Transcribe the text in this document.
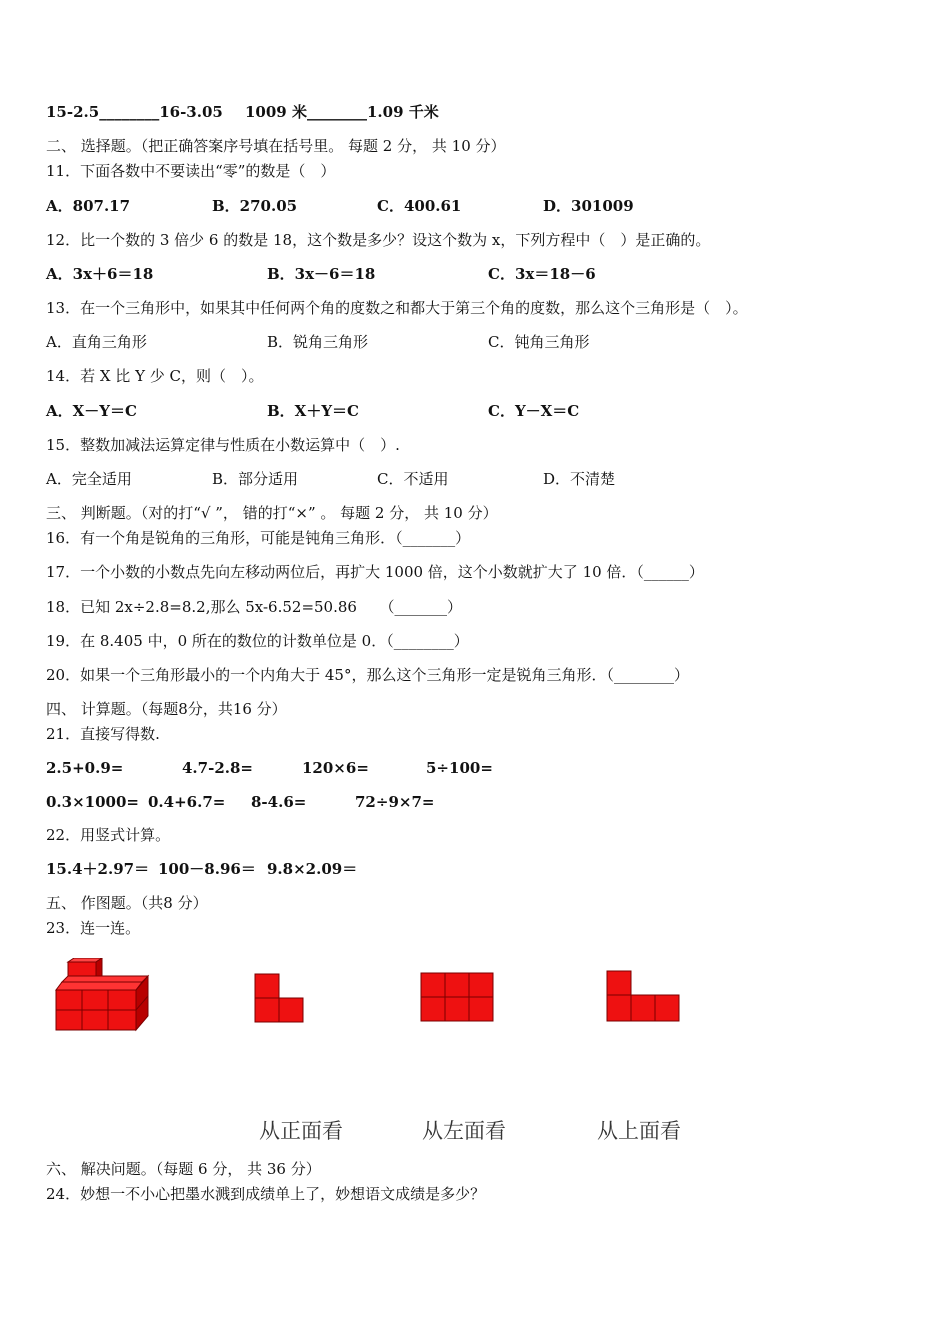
15-2.5________16-3.05 1009 米________1.09 千米
二、 选择题。（把正确答案序号填在括号里。 每题 2 分， 共 10 分）
11．下面各数中不要读出“零”的数是（　）
A．807.17	B．270.05	C．400.61	D．301009
12．比一个数的 3 倍少 6 的数是 18，这个数是多少？设这个数为 x，下列方程中（　）是正确的。
A．3x＋6＝18	B．3x－6＝18	C．3x＝18－6
13．在一个三角形中，如果其中任何两个角的度数之和都大于第三个角的度数，那么这个三角形是（　）。
A．直角三角形	B．锐角三角形	C．钝角三角形
14．若 X 比 Y 少 C，则（　）。
A．X－Y＝C	B．X＋Y＝C	C．Y－X＝C
15．整数加减法运算定律与性质在小数运算中（　）.
A．完全适用	B．部分适用	C．不适用	D．不清楚
三、 判断题。（对的打“√ ”， 错的打“×” 。 每题 2 分， 共 10 分）
16．有一个角是锐角的三角形，可能是钝角三角形．（_______）
17．一个小数的小数点先向左移动两位后，再扩大 1000 倍，这个小数就扩大了 10 倍．（______）
18．已知 2x÷2.8=8.2,那么 5x-6.52=50.86　　（_______）
19．在 8.405 中，0 所在的数位的计数单位是 0．（________）
20．如果一个三角形最小的一个内角大于 45°，那么这个三角形一定是锐角三角形．（________）
四、 计算题。（每题8分，共16 分）
21．直接写得数.
2.5+0.9=	4.7-2.8=	120×6=	5÷100=
0.3×1000= 0.4+6.7= 8-4.6=	72÷9×7=
22．用竖式计算。
15.4＋2.97＝ 100－8.96＝ 9.8×2.09＝
五、 作图题。（共8 分）
23．连一连。
从正面看	从左面看	从上面看
六、 解决问题。（每题 6 分， 共 36 分）
24．妙想一不小心把墨水溅到成绩单上了，妙想语文成绩是多少？
